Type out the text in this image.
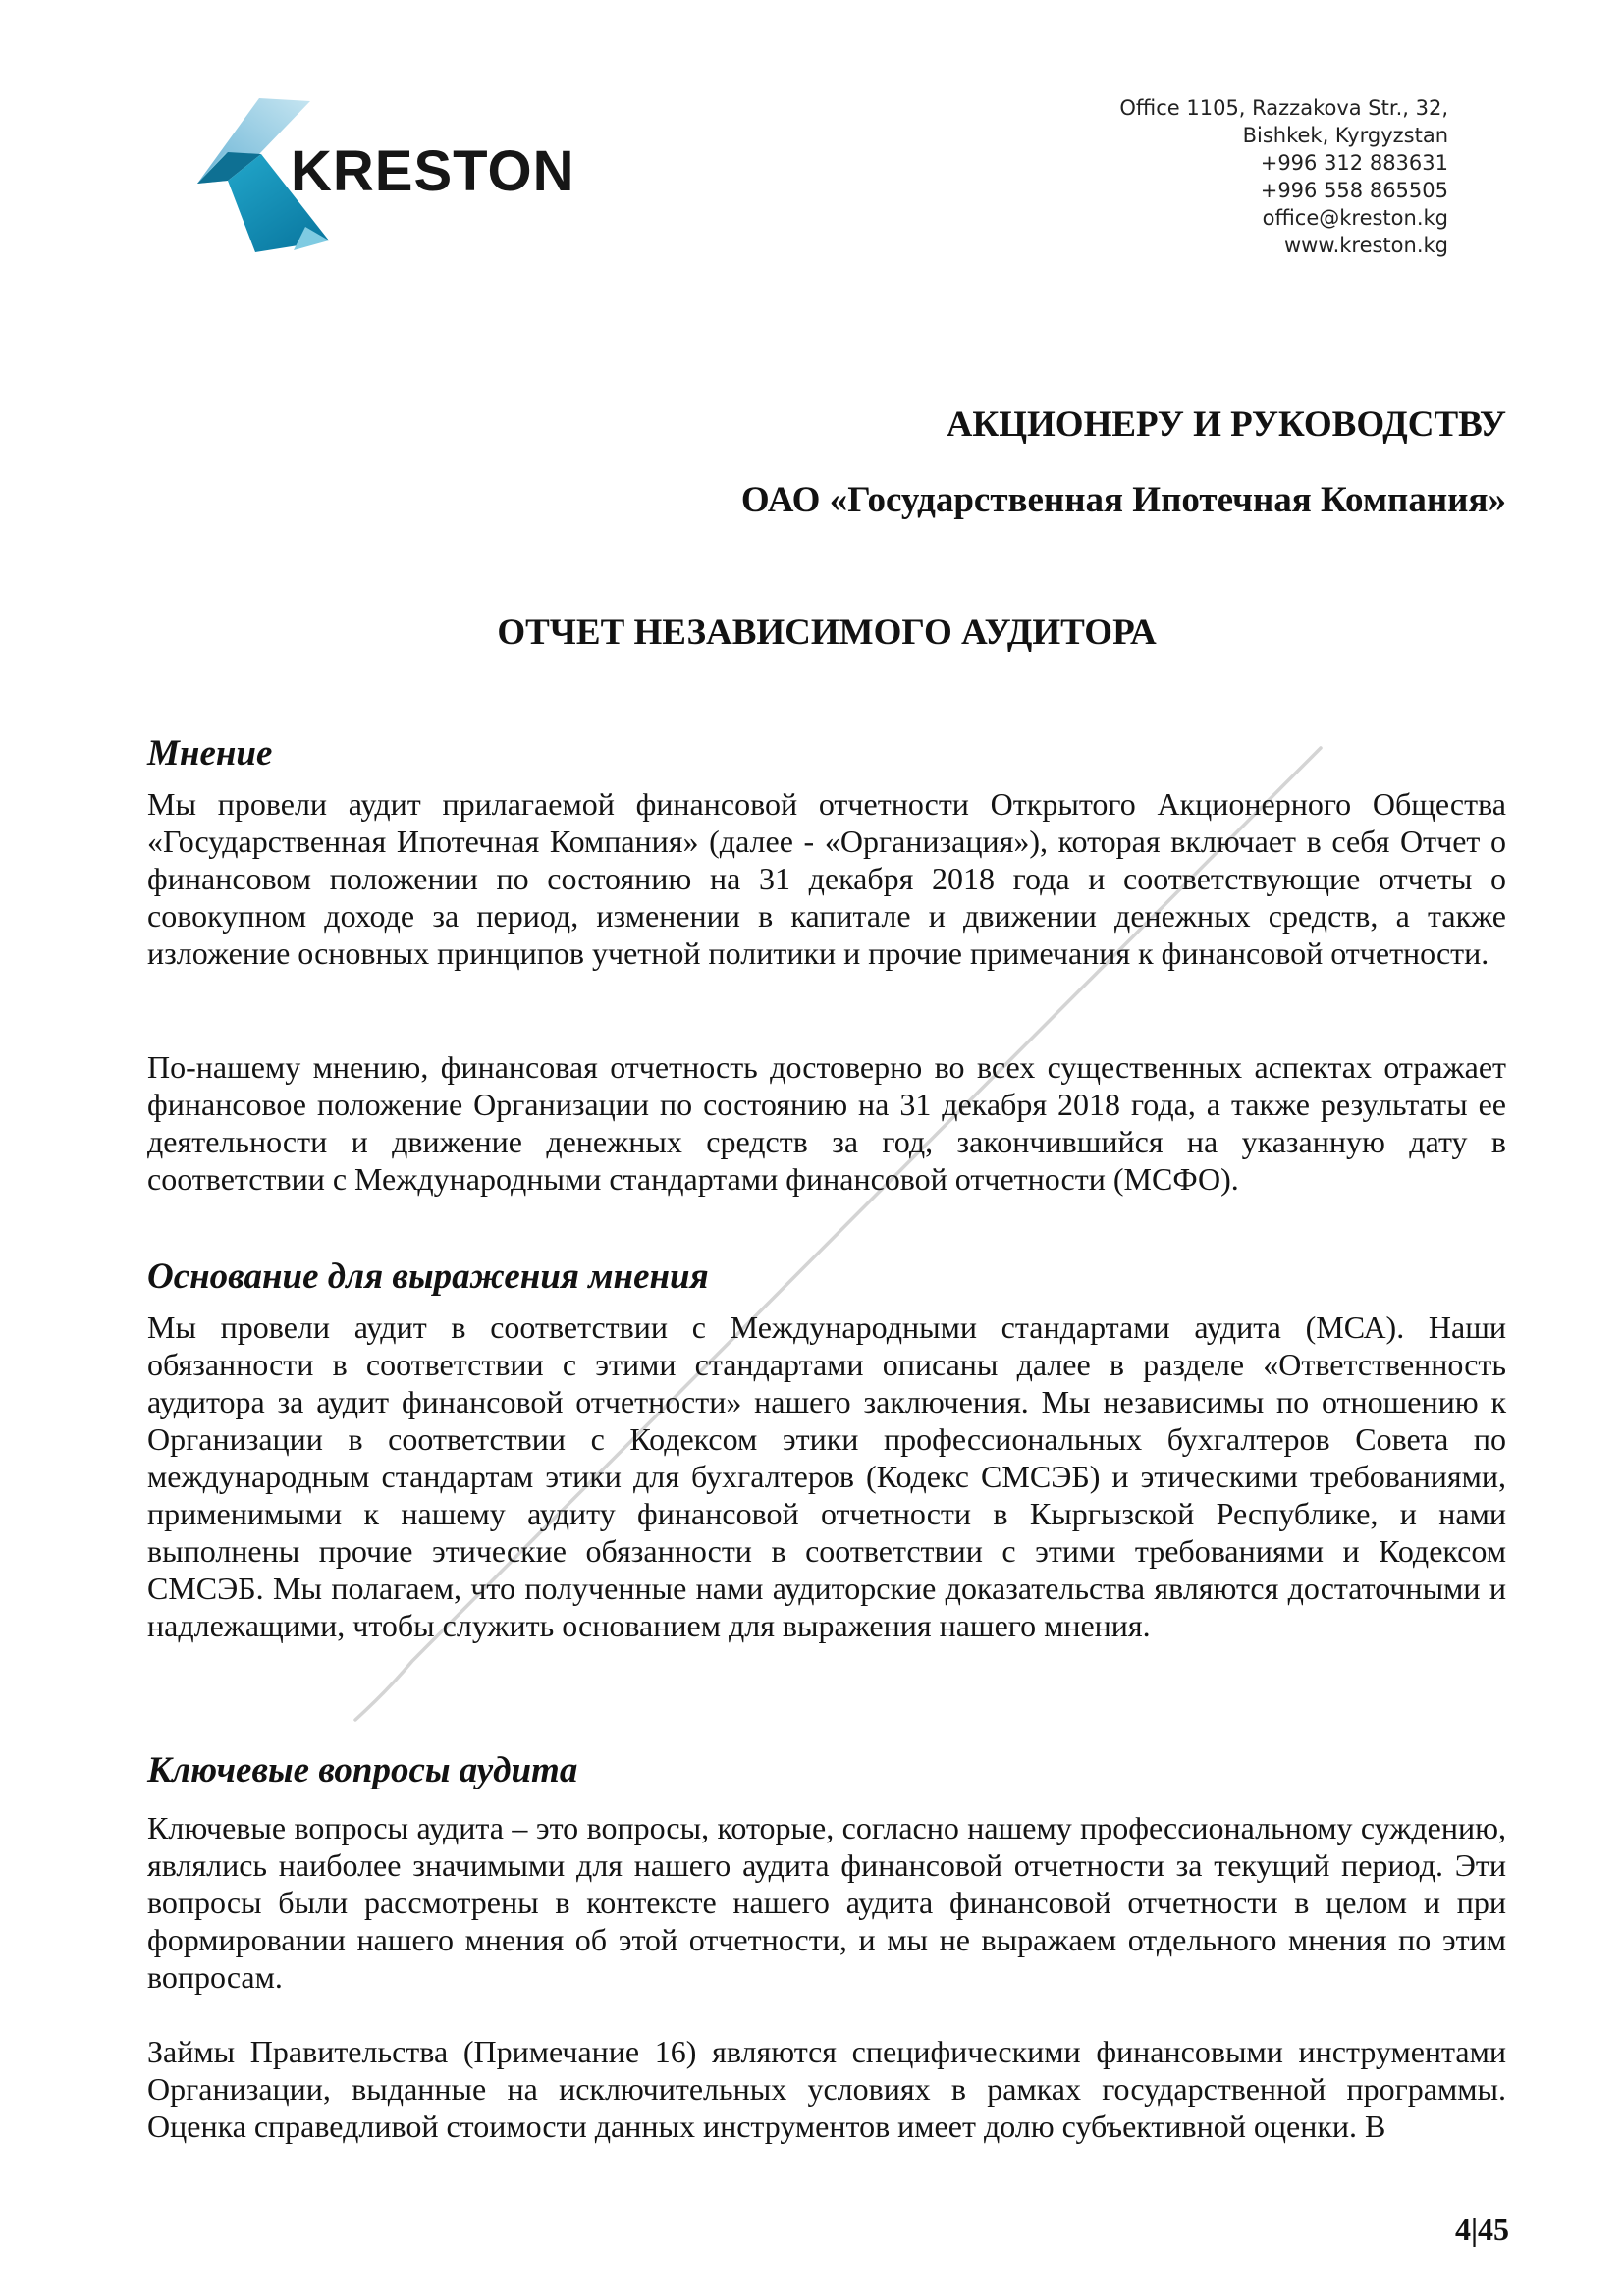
KRESTON
Office 1105, Razzakova Str., 32,
Bishkek, Kyrgyzstan
+996 312 883631
+996 558 865505
office@kreston.kg
www.kreston.kg
АКЦИОНЕРУ И РУКОВОДСТВУ
ОАО «Государственная Ипотечная Компания»
ОТЧЕТ НЕЗАВИСИМОГО АУДИТОРА
Мнение
Мы провели аудит прилагаемой финансовой отчетности Открытого Акционерного Общества «Государственная Ипотечная Компания» (далее - «Организация»), которая включает в себя Отчет о финансовом положении по состоянию на 31 декабря 2018 года и соответствующие отчеты о совокупном доходе за период, изменении в капитале и движении денежных средств, а также изложение основных принципов учетной политики и прочие примечания к финансовой отчетности.
По-нашему мнению, финансовая отчетность достоверно во всех существенных аспектах отражает финансовое положение Организации по состоянию на 31 декабря 2018 года, а также результаты ее деятельности и движение денежных средств за год, закончившийся на указанную дату в соответствии с Международными стандартами финансовой отчетности (МСФО).
Основание для выражения мнения
Мы провели аудит в соответствии с Международными стандартами аудита (МСА). Наши обязанности в соответствии с этими стандартами описаны далее в разделе «Ответственность аудитора за аудит финансовой отчетности» нашего заключения. Мы независимы по отношению к Организации в соответствии с Кодексом этики профессиональных бухгалтеров Совета по международным стандартам этики для бухгалтеров (Кодекс СМСЭБ) и этическими требованиями, применимыми к нашему аудиту финансовой отчетности в Кыргызской Республике, и нами выполнены прочие этические обязанности в соответствии с этими требованиями и Кодексом СМСЭБ. Мы полагаем, что полученные нами аудиторские доказательства являются достаточными и надлежащими, чтобы служить основанием для выражения нашего мнения.
Ключевые вопросы аудита
Ключевые вопросы аудита – это вопросы, которые, согласно нашему профессиональному суждению, являлись наиболее значимыми для нашего аудита финансовой отчетности за текущий период. Эти вопросы были рассмотрены в контексте нашего аудита финансовой отчетности в целом и при формировании нашего мнения об этой отчетности, и мы не выражаем отдельного мнения по этим вопросам.
Займы Правительства (Примечание 16) являются специфическими финансовыми инструментами Организации, выданные на исключительных условиях в рамках государственной программы. Оценка справедливой стоимости данных инструментов имеет долю субъективной оценки. В
4|45
